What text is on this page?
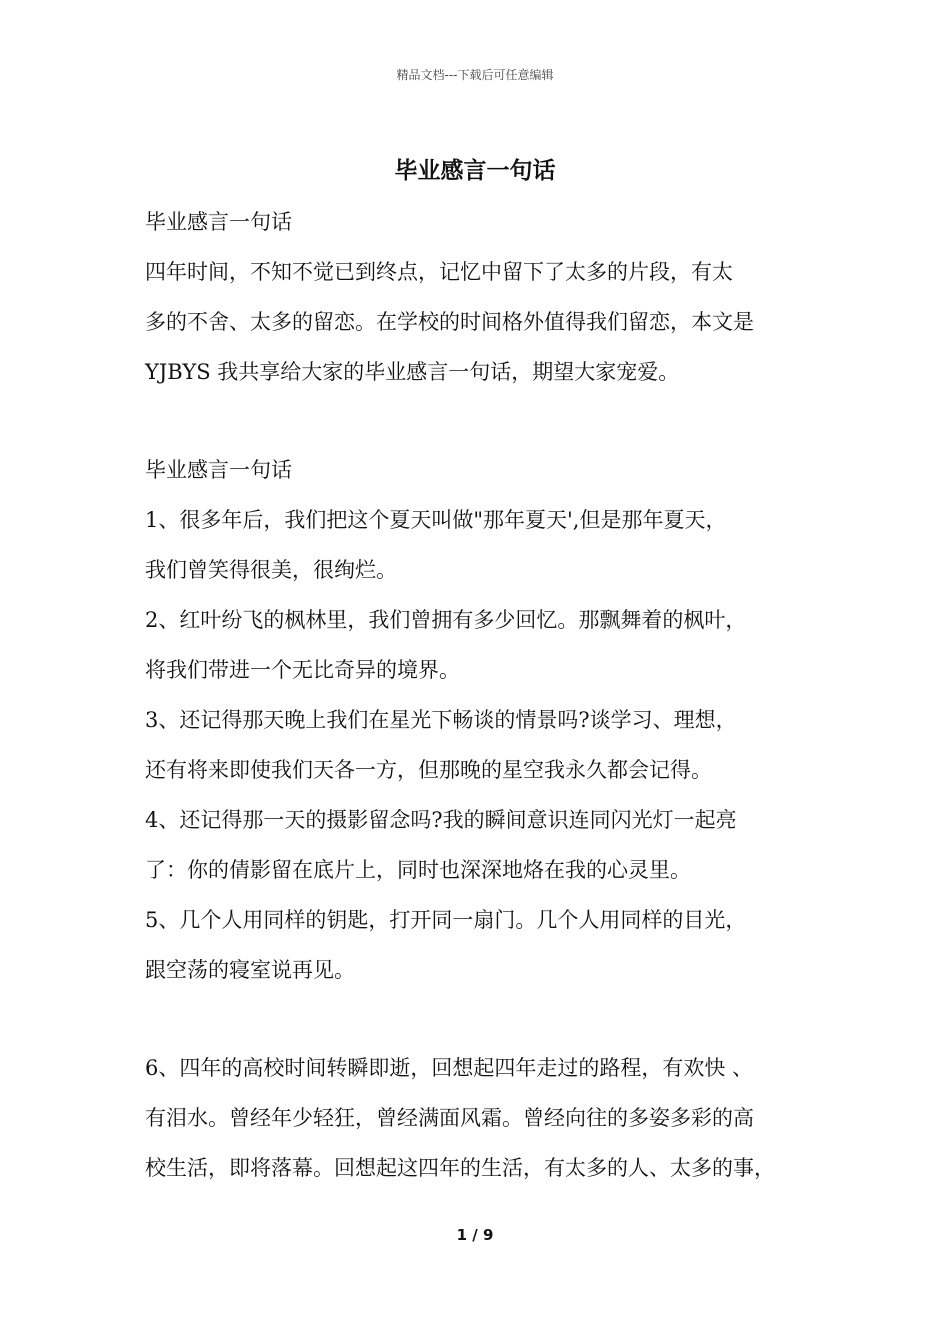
精品文档---下载后可任意编辑
毕业感言一句话
毕业感言一句话
四年时间，不知不觉已到终点，记忆中留下了太多的片段，有太
多的不舍、太多的留恋。在学校的时间格外值得我们留恋，本文是
YJBYS 我共享给大家的毕业感言一句话，期望大家宠爱。
毕业感言一句话
1、很多年后，我们把这个夏天叫做"那年夏天',但是那年夏天，
我们曾笑得很美，很绚烂。
2、红叶纷飞的枫林里，我们曾拥有多少回忆。那飘舞着的枫叶，
将我们带进一个无比奇异的境界。
3、还记得那天晚上我们在星光下畅谈的情景吗?谈学习、理想，
还有将来即使我们天各一方，但那晚的星空我永久都会记得。
4、还记得那一天的摄影留念吗?我的瞬间意识连同闪光灯一起亮
了：你的倩影留在底片上，同时也深深地烙在我的心灵里。
5、几个人用同样的钥匙，打开同一扇门。几个人用同样的目光，
跟空荡的寝室说再见。
6、四年的高校时间转瞬即逝，回想起四年走过的路程，有欢快 、
有泪水。曾经年少轻狂，曾经满面风霜。曾经向往的多姿多彩的高
校生活，即将落幕。回想起这四年的生活，有太多的人、太多的事，
1 / 9
